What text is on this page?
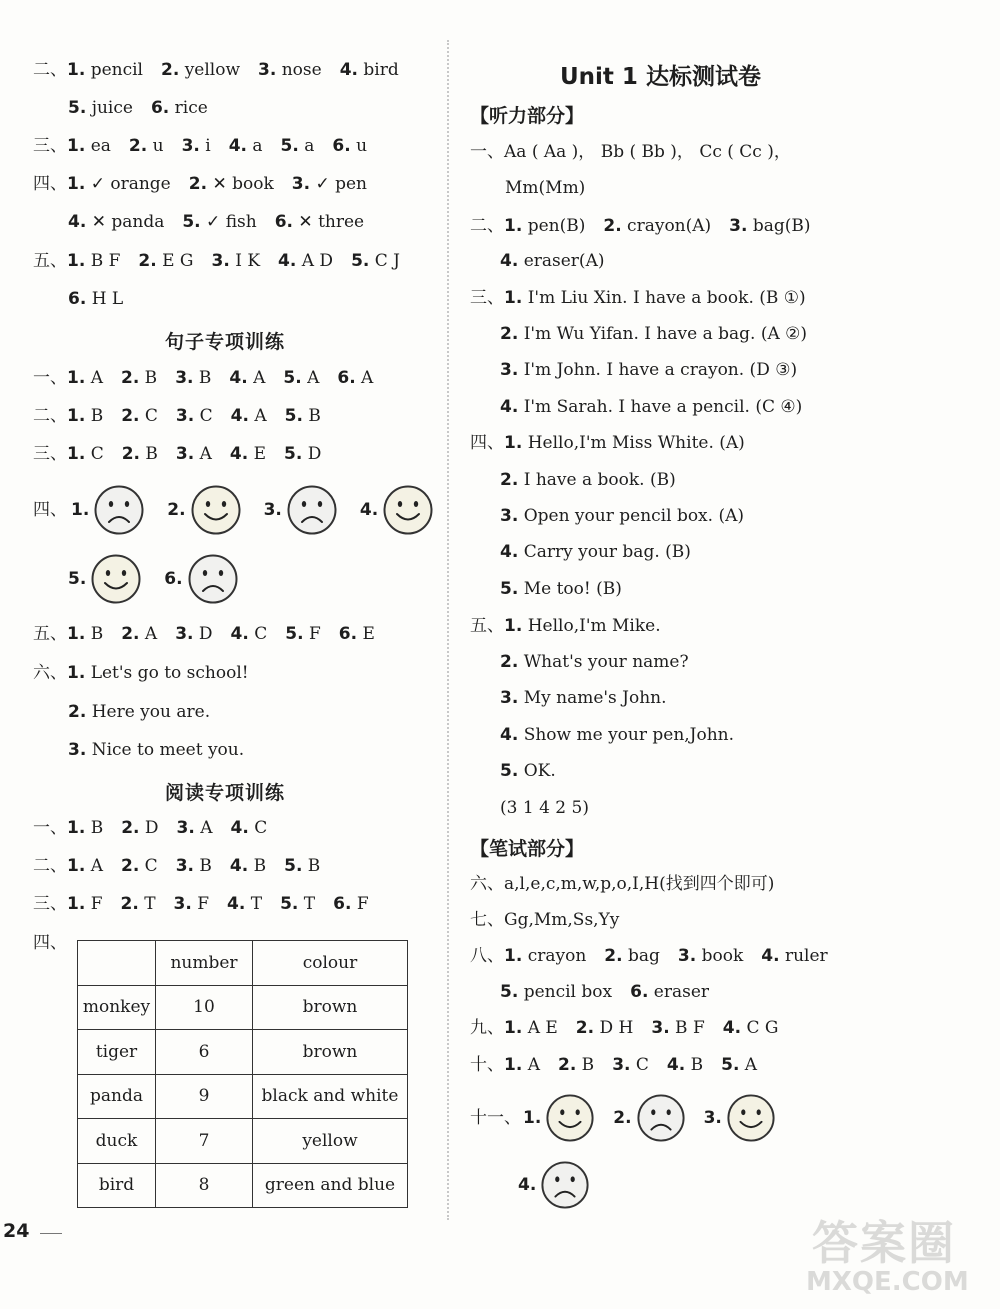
二、1. pencil 2. yellow 3. nose 4. bird
5. juice 6. rice
三、1. ea 2. u 3. i 4. a 5. a 6. u
四、1. ✓ orange 2. ✕ book 3. ✓ pen
4. ✕ panda 5. ✓ fish 6. ✕ three
五、1. B F 2. E G 3. I K 4. A D 5. C J
6. H L
句子专项训练
一、1. A 2. B 3. B 4. A 5. A 6. A
二、1. B 2. C 3. C 4. A 5. B
三、1. C 2. B 3. A 4. E 5. D
四、 1.	2.	3.	4.
5.	6.
五、1. B 2. A 3. D 4. C 5. F 6. E
六、1. Let's go to school!
2. Here you are.
3. Nice to meet you.
阅读专项训练
一、1. B 2. D 3. A 4. C
二、1. A 2. C 3. B 4. B 5. B
三、1. F 2. T 3. F 4. T 5. T 6. F
四、
	number	colour
monkey	10	brown
tiger	6	brown
panda	9	black and white
duck	7	yellow
bird	8	green and blue
24
Unit 1 达标测试卷
【听力部分】
一、Aa ( Aa )， Bb ( Bb )， Cc ( Cc )，
Mm(Mm)
二、1. pen(B) 2. crayon(A) 3. bag(B)
4. eraser(A)
三、1. I'm Liu Xin. I have a book. (B ①)
2. I'm Wu Yifan. I have a bag. (A ②)
3. I'm John. I have a crayon. (D ③)
4. I'm Sarah. I have a pencil. (C ④)
四、1. Hello,I'm Miss White. (A)
2. I have a book. (B)
3. Open your pencil box. (A)
4. Carry your bag. (B)
5. Me too! (B)
五、1. Hello,I'm Mike.
2. What's your name?
3. My name's John.
4. Show me your pen,John.
5. OK.
(3 1 4 2 5)
【笔试部分】
六、a,l,e,c,m,w,p,o,I,H(找到四个即可)
七、Gg,Mm,Ss,Yy
八、1. crayon 2. bag 3. book 4. ruler
5. pencil box 6. eraser
九、1. A E 2. D H 3. B F 4. C G
十、1. A 2. B 3. C 4. B 5. A
十一、 1.	2.	3.
4.
答案圈
MXQE.COM
